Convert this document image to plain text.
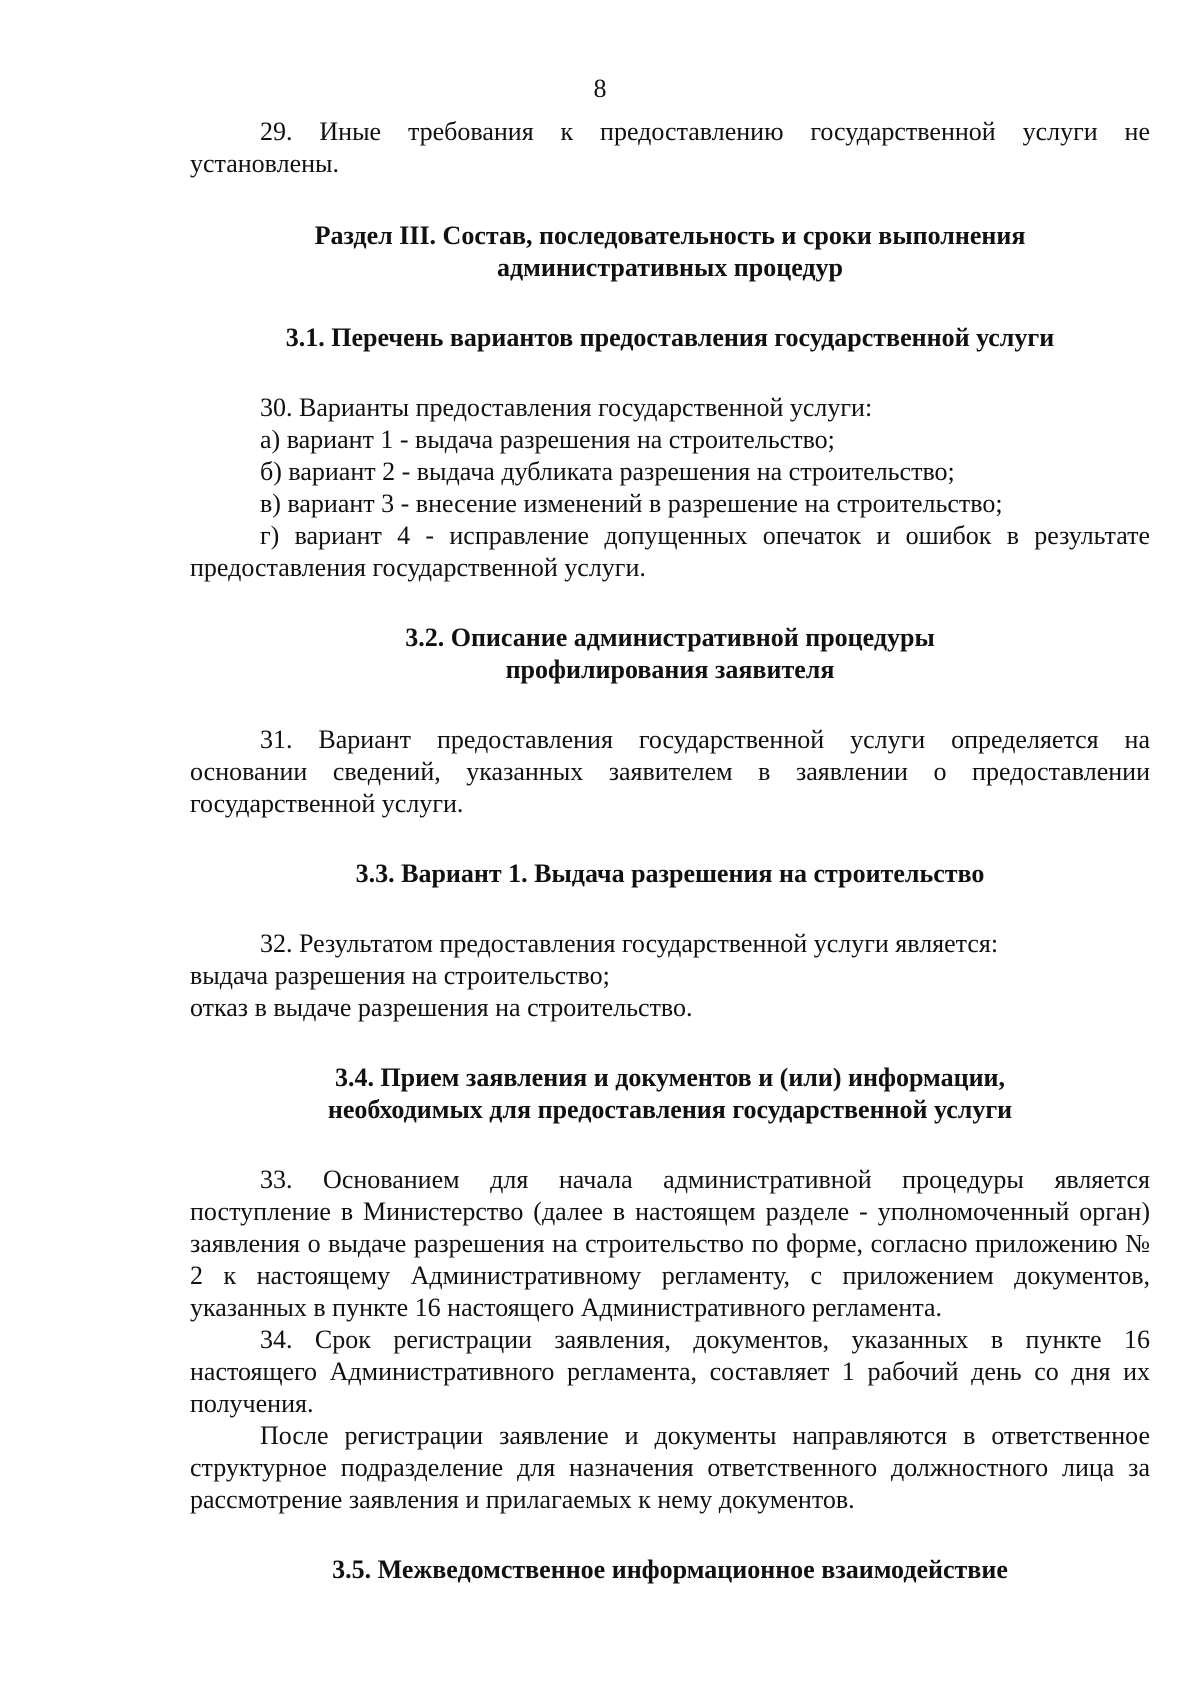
8

29. Иные требования к предоставлению государственной услуги не установлены.

Раздел III. Состав, последовательность и сроки выполнения

административных процедур

3.1. Перечень вариантов предоставления государственной услуги

30. Варианты предоставления государственной услуги:

а) вариант 1 - выдача разрешения на строительство;

б) вариант 2 - выдача дубликата разрешения на строительство;

в) вариант 3 - внесение изменений в разрешение на строительство;

г) вариант 4 - исправление допущенных опечаток и ошибок в результате предоставления государственной услуги.

3.2. Описание административной процедуры

профилирования заявителя

31. Вариант предоставления государственной услуги определяется на основании сведений, указанных заявителем в заявлении о предоставлении государственной услуги.

3.3. Вариант 1. Выдача разрешения на строительство

32. Результатом предоставления государственной услуги является:

выдача разрешения на строительство;

отказ в выдаче разрешения на строительство.

3.4. Прием заявления и документов и (или) информации,

необходимых для предоставления государственной услуги

33. Основанием для начала административной процедуры является поступление в Министерство (далее в настоящем разделе - уполномоченный орган) заявления о выдаче разрешения на строительство по форме, согласно приложению № 2 к настоящему Административному регламенту, с приложением документов, указанных в пункте 16 настоящего Административного регламента.

34. Срок регистрации заявления, документов, указанных в пункте 16 настоящего Административного регламента, составляет 1 рабочий день со дня их получения.

После регистрации заявление и документы направляются в ответственное структурное подразделение для назначения ответственного должностного лица за рассмотрение заявления и прилагаемых к нему документов.

3.5. Межведомственное информационное взаимодействие
